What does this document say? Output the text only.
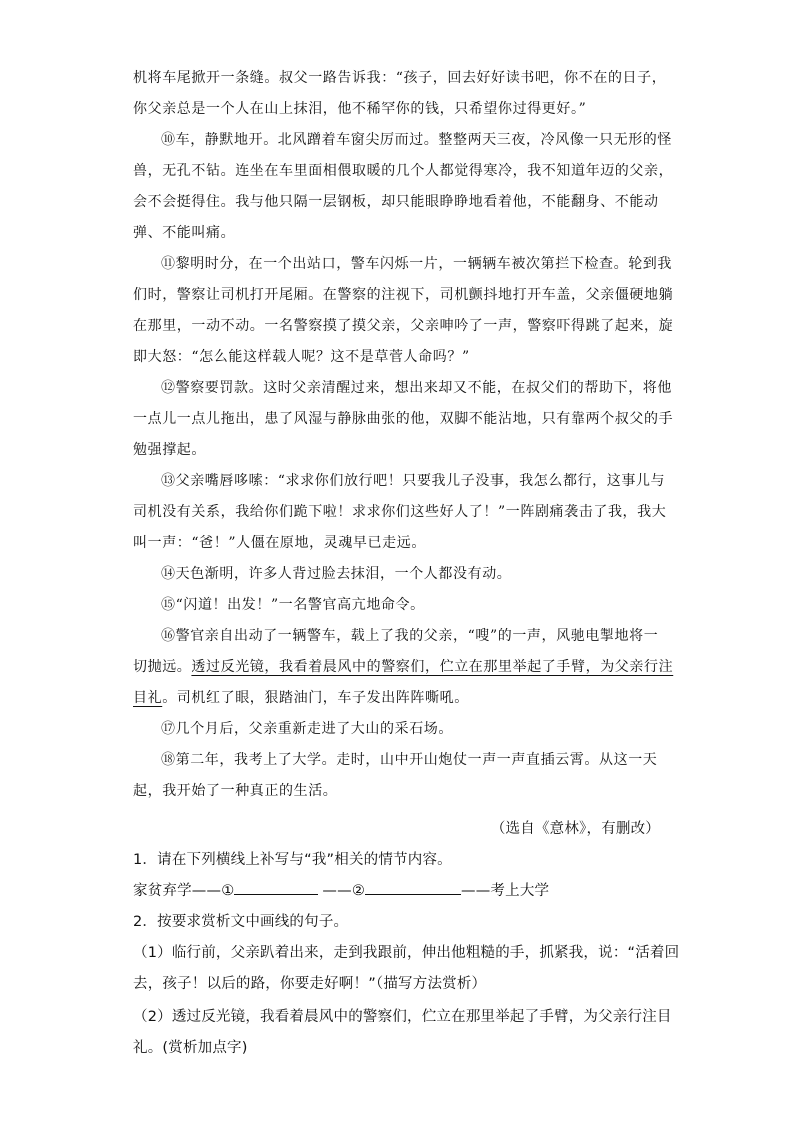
机将车尾掀开一条缝。叔父一路告诉我：“孩子，回去好好读书吧，你不在的日子，
你父亲总是一个人在山上抹泪，他不稀罕你的钱，只希望你过得更好。”
⑩车，静默地开。北风蹭着车窗尖厉而过。整整两天三夜，冷风像一只无形的怪
兽，无孔不钻。连坐在车里面相偎取暖的几个人都觉得寒冷，我不知道年迈的父亲，
会不会挺得住。我与他只隔一层钢板，却只能眼睁睁地看着他，不能翻身、不能动
弹、不能叫痛。
⑪黎明时分，在一个出站口，警车闪烁一片，一辆辆车被次第拦下检查。轮到我
们时，警察让司机打开尾厢。在警察的注视下，司机颤抖地打开车盖，父亲僵硬地躺
在那里，一动不动。一名警察摸了摸父亲，父亲呻吟了一声，警察吓得跳了起来，旋
即大怒：“怎么能这样载人呢？这不是草菅人命吗？”
⑫警察要罚款。这时父亲清醒过来，想出来却又不能，在叔父们的帮助下，将他
一点儿一点儿拖出，患了风湿与静脉曲张的他，双脚不能沾地，只有靠两个叔父的手
勉强撑起。
⑬父亲嘴唇哆嗦：“求求你们放行吧！只要我儿子没事，我怎么都行，这事儿与
司机没有关系，我给你们跪下啦！求求你们这些好人了！”一阵剧痛袭击了我，我大
叫一声：“爸！”人僵在原地，灵魂早已走远。
⑭天色渐明，许多人背过脸去抹泪，一个人都没有动。
⑮“闪道！出发！”一名警官高亢地命令。
⑯警官亲自出动了一辆警车，载上了我的父亲，“嗖”的一声，风驰电掣地将一
切抛远。透过反光镜，我看着晨风中的警察们，伫立在那里举起了手臂，为父亲行注
目礼。司机红了眼，狠踏油门，车子发出阵阵嘶吼。
⑰几个月后，父亲重新走进了大山的采石场。
⑱第二年，我考上了大学。走时，山中开山炮仗一声一声直插云霄。从这一天
起，我开始了一种真正的生活。
（选自《意林》，有删改）
1．请在下列横线上补写与“我”相关的情节内容。
家贫弃学——①	——②	——考上大学
2．按要求赏析文中画线的句子。
（1）临行前，父亲趴着出来，走到我跟前，伸出他粗糙的手，抓紧我，说：“活着回
去，孩子！以后的路，你要走好啊！”（描写方法赏析）
（2）透过反光镜，我看着晨风中的警察们，伫立在那里举起了手臂，为父亲行注目
礼。(赏析加点字)
